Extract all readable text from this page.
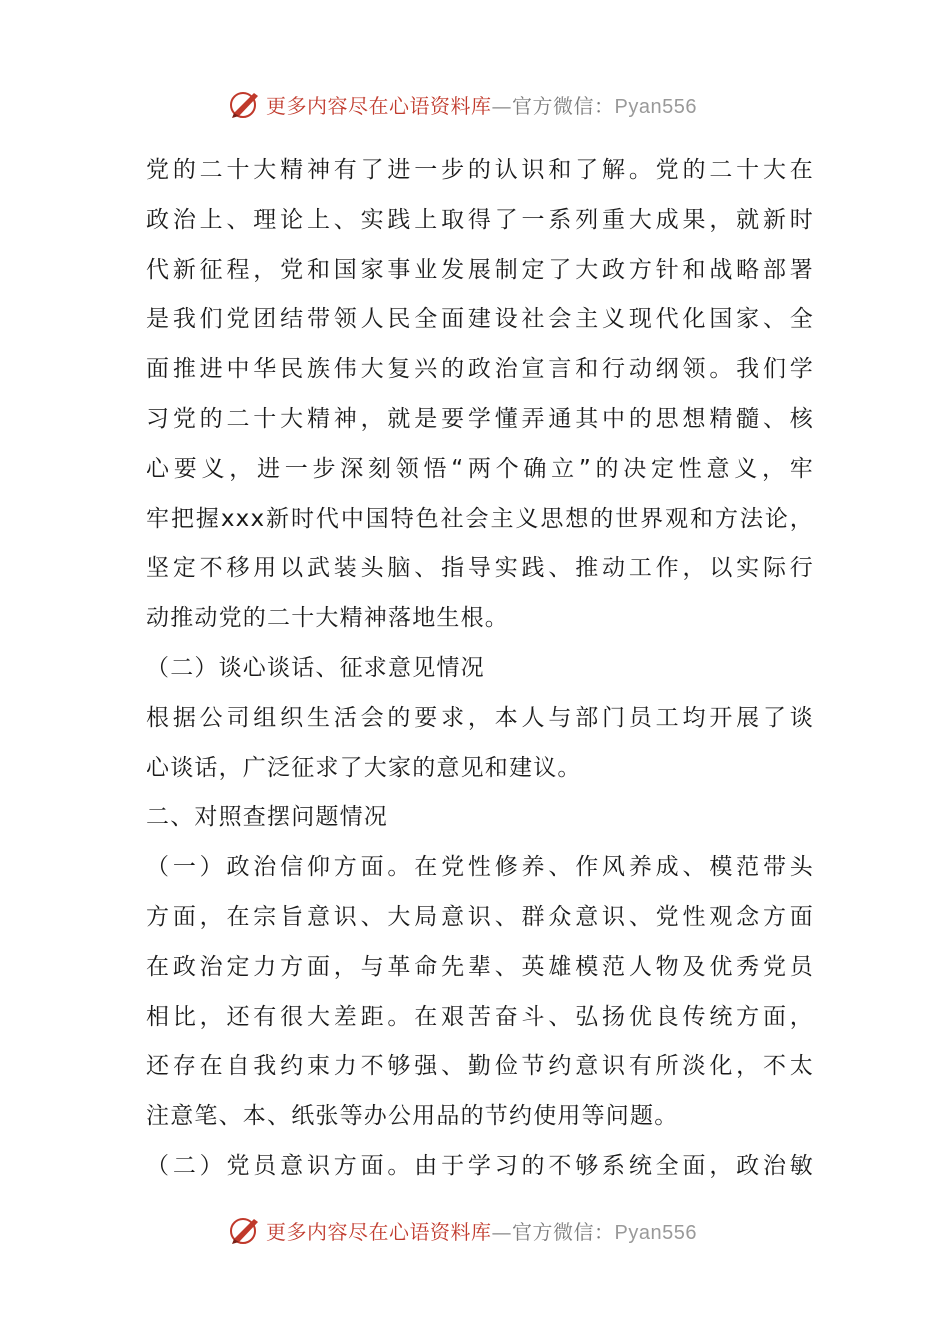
更多内容尽在心语资料库—官方微信：Pyan556
党的二十大精神有了进一步的认识和了解。党的二十大在
政治上、理论上、实践上取得了一系列重大成果，就新时
代新征程，党和国家事业发展制定了大政方针和战略部署
是我们党团结带领人民全面建设社会主义现代化国家、全
面推进中华民族伟大复兴的政治宣言和行动纲领。我们学
习党的二十大精神，就是要学懂弄通其中的思想精髓、核
心要义，进一步深刻领悟“两个确立”的决定性意义，牢
牢把握xxx新时代中国特色社会主义思想的世界观和方法论，
坚定不移用以武装头脑、指导实践、推动工作，以实际行
动推动党的二十大精神落地生根。
（二）谈心谈话、征求意见情况
根据公司组织生活会的要求，本人与部门员工均开展了谈
心谈话，广泛征求了大家的意见和建议。
二、对照查摆问题情况
（一）政治信仰方面。在党性修养、作风养成、模范带头
方面，在宗旨意识、大局意识、群众意识、党性观念方面
在政治定力方面，与革命先辈、英雄模范人物及优秀党员
相比，还有很大差距。在艰苦奋斗、弘扬优良传统方面，
还存在自我约束力不够强、勤俭节约意识有所淡化，不太
注意笔、本、纸张等办公用品的节约使用等问题。
（二）党员意识方面。由于学习的不够系统全面，政治敏
更多内容尽在心语资料库—官方微信：Pyan556
